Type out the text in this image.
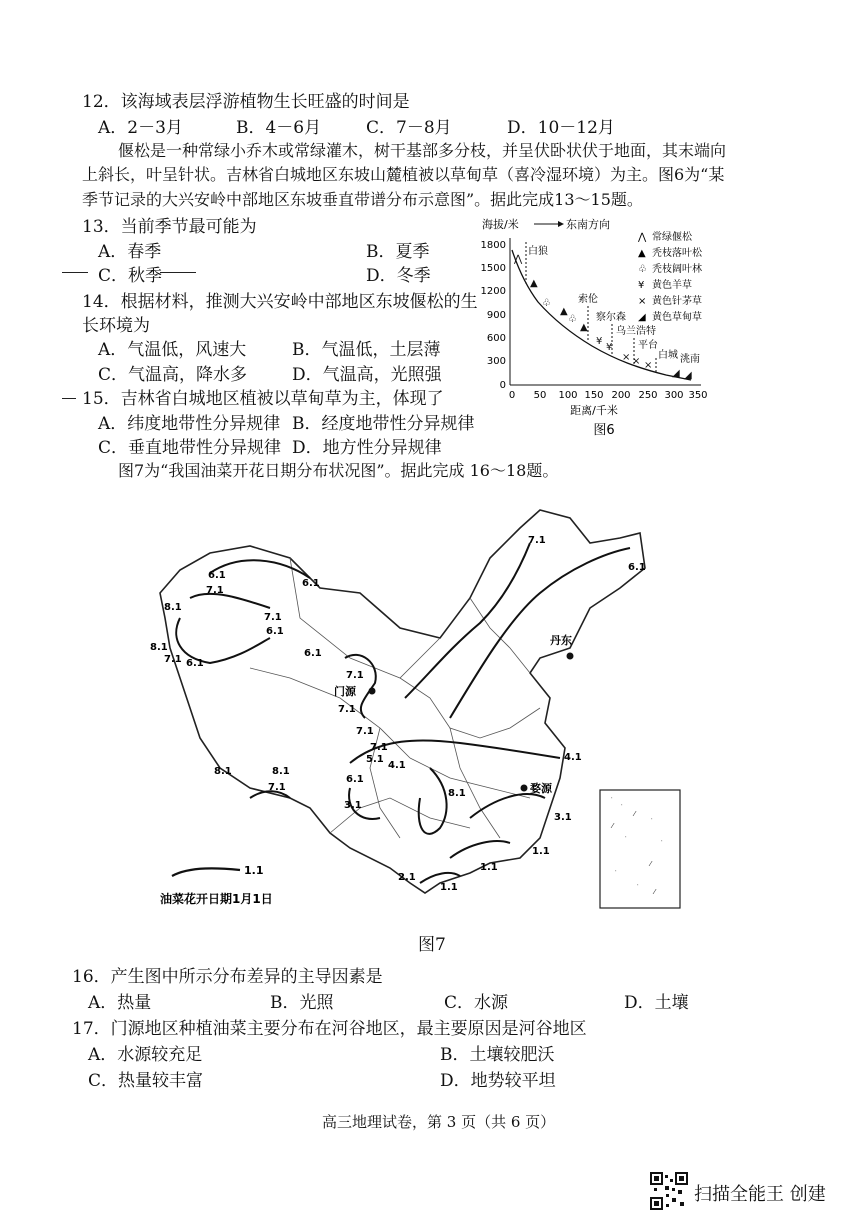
12．该海域表层浮游植物生长旺盛的时间是
A．2－3月	B．4－6月	C．7－8月	D．10－12月
偃松是一种常绿小乔木或常绿灌木，树干基部多分枝，并呈伏卧状伏于地面，其末端向
上斜长，叶呈针状。吉林省白城地区东坡山麓植被以草甸草（喜冷湿环境）为主。图6为“某
季节记录的大兴安岭中部地区东坡垂直带谱分布示意图”。据此完成13～15题。
13．当前季节最可能为
A．春季	B．夏季
C．秋季	D．冬季
14．根据材料，推测大兴安岭中部地区东坡偃松的生
长环境为
A．气温低，风速大	B．气温低，土层薄
C．气温高，降水多	D．气温高，光照强
15．吉林省白城地区植被以草甸草为主，体现了
A．纬度地带性分异规律 B．经度地带性分异规律
C．垂直地带性分异规律 D．地方性分异规律
海拔/米	东南方向
1800
1500
1200
900
600
300
0
0 50 100 150 200 250 300 350
距离/千米
图6
白狼
索伦
察尔森
乌兰浩特
平台
白城 洮南
⋀
▲
♧
▲
♧
▲
¥
¥
× × ×
◢ ◢
⋀ 常绿偃松
▲ 秃枝落叶松
♧ 秃枝阔叶林
¥ 黄色羊草
× 黄色针茅草
◢ 黄色草甸草
图7为“我国油菜开花日期分布状况图”。据此完成 16～18题。
1.1
油菜花开日期1月1日
丹东
门源
婺源
7.1
6.1
6.1
7.1
6.1
7.1
8.1
6.1
8.1
7.1 6.1
6.1
7.1
7.1
7.1
7.1
5.1
6.1
4.1
8.1	8.1
7.1
3.1
4.1
8.1
3.1
2.1
1.1
1.1
1.1
˙
˙
⁄
˙
⁄
˙	˙
⁄
˙
˙ ⁄
图7
16．产生图中所示分布差异的主导因素是
A．热量	B．光照	C．水源	D．土壤
17．门源地区种植油菜主要分布在河谷地区，最主要原因是河谷地区
A．水源较充足	B．土壤较肥沃
C．热量较丰富	D．地势较平坦
高三地理试卷，第 3 页（共 6 页）
扫描全能王 创建
